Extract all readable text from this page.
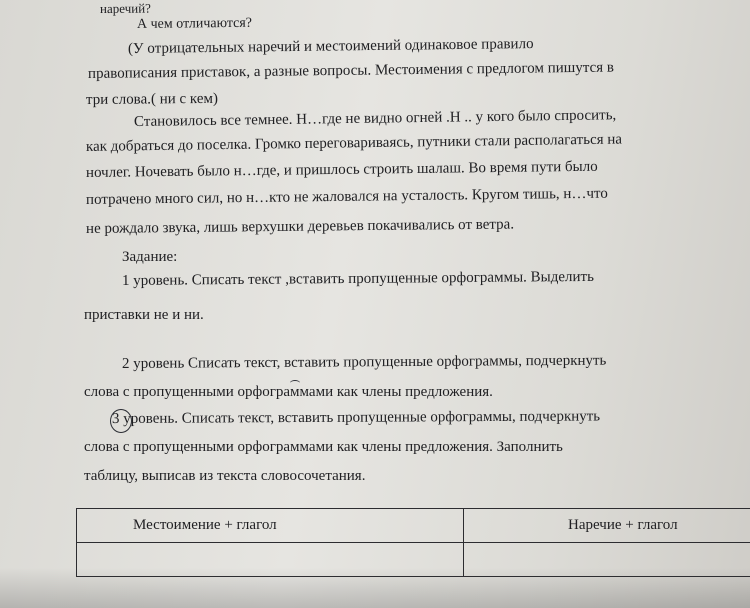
наречий?
А чем отличаются?
(У отрицательных наречий и местоимений одинаковое правило
правописания приставок, а разные вопросы. Местоимения с предлогом пишутся в
три слова.( ни с кем)
Становилось все темнее. Н…где не видно огней .Н .. у кого было спросить,
как добраться до поселка. Громко переговариваясь, путники стали располагаться на
ночлег. Ночевать было н…где, и пришлось строить шалаш. Во время пути было
потрачено много сил, но н…кто не жаловался на усталость. Кругом тишь, н…что
не рождало звука, лишь верхушки деревьев покачивались от ветра.
Задание:
1 уровень. Списать текст ,вставить пропущенные орфограммы. Выделить
приставки не и ни.
2 уровень Списать текст, вставить пропущенные орфограммы, подчеркнуть
слова с пропущенными орфограммами как члены предложения.
3 уровень. Списать текст, вставить пропущенные орфограммы, подчеркнуть
слова с пропущенными орфограммами как члены предложения. Заполнить
таблицу, выписав из текста словосочетания.
Местоимение + глагол	Наречие + глагол
